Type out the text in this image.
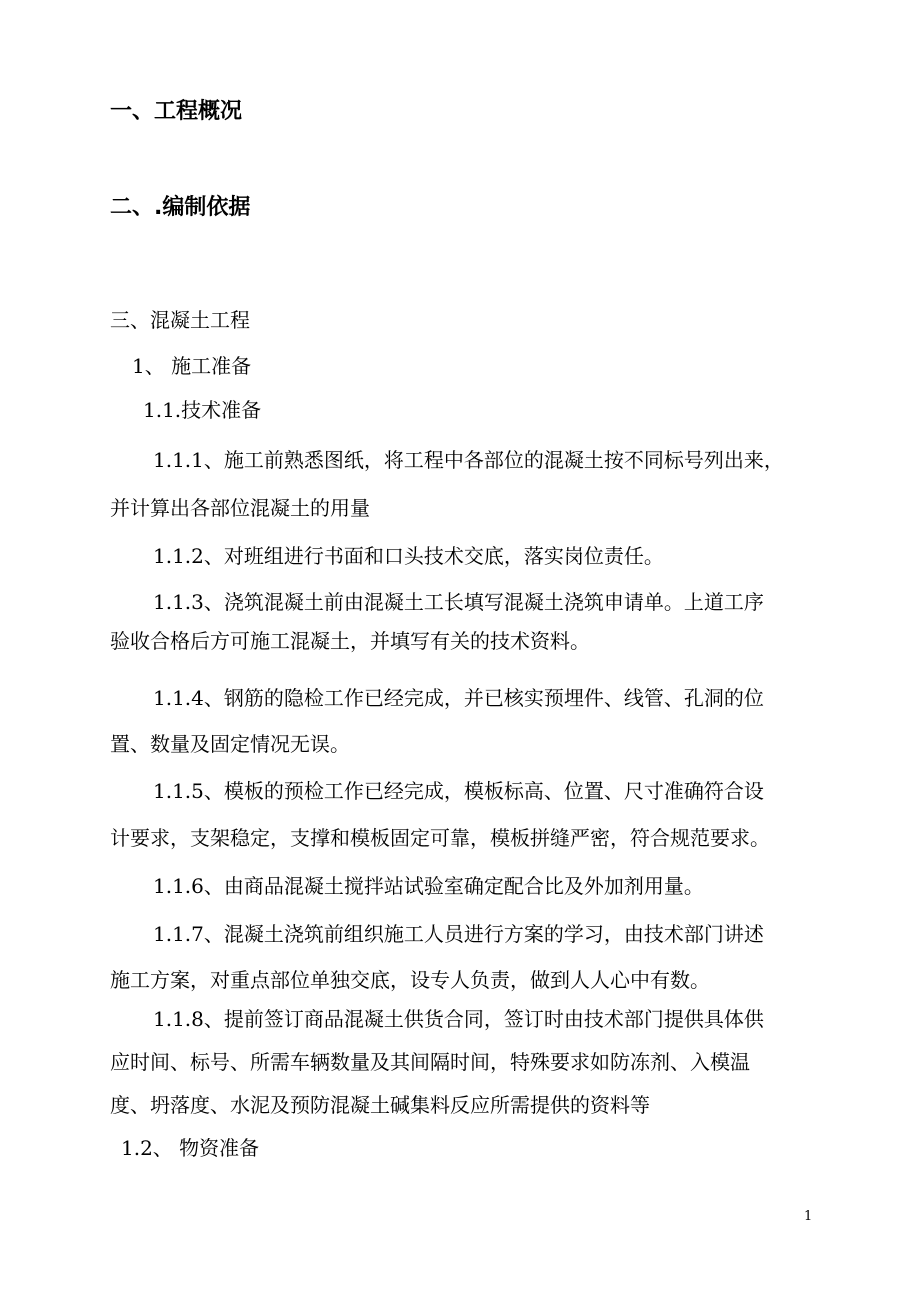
一、工程概况
二、.编制依据
三、混凝土工程
1、 施工准备
1.1.技术准备
1.1.1、施工前熟悉图纸，将工程中各部位的混凝土按不同标号列出来，
并计算出各部位混凝土的用量
1.1.2、对班组进行书面和口头技术交底，落实岗位责任。
1.1.3、浇筑混凝土前由混凝土工长填写混凝土浇筑申请单。上道工序
验收合格后方可施工混凝土，并填写有关的技术资料。
1.1.4、钢筋的隐检工作已经完成，并已核实预埋件、线管、孔洞的位
置、数量及固定情况无误。
1.1.5、模板的预检工作已经完成，模板标高、位置、尺寸准确符合设
计要求，支架稳定，支撑和模板固定可靠，模板拼缝严密，符合规范要求。
1.1.6、由商品混凝土搅拌站试验室确定配合比及外加剂用量。
1.1.7、混凝土浇筑前组织施工人员进行方案的学习，由技术部门讲述
施工方案，对重点部位单独交底，设专人负责，做到人人心中有数。
1.1.8、提前签订商品混凝土供货合同，签订时由技术部门提供具体供
应时间、标号、所需车辆数量及其间隔时间，特殊要求如防冻剂、入模温
度、坍落度、水泥及预防混凝土碱集料反应所需提供的资料等
1.2、 物资准备
1
